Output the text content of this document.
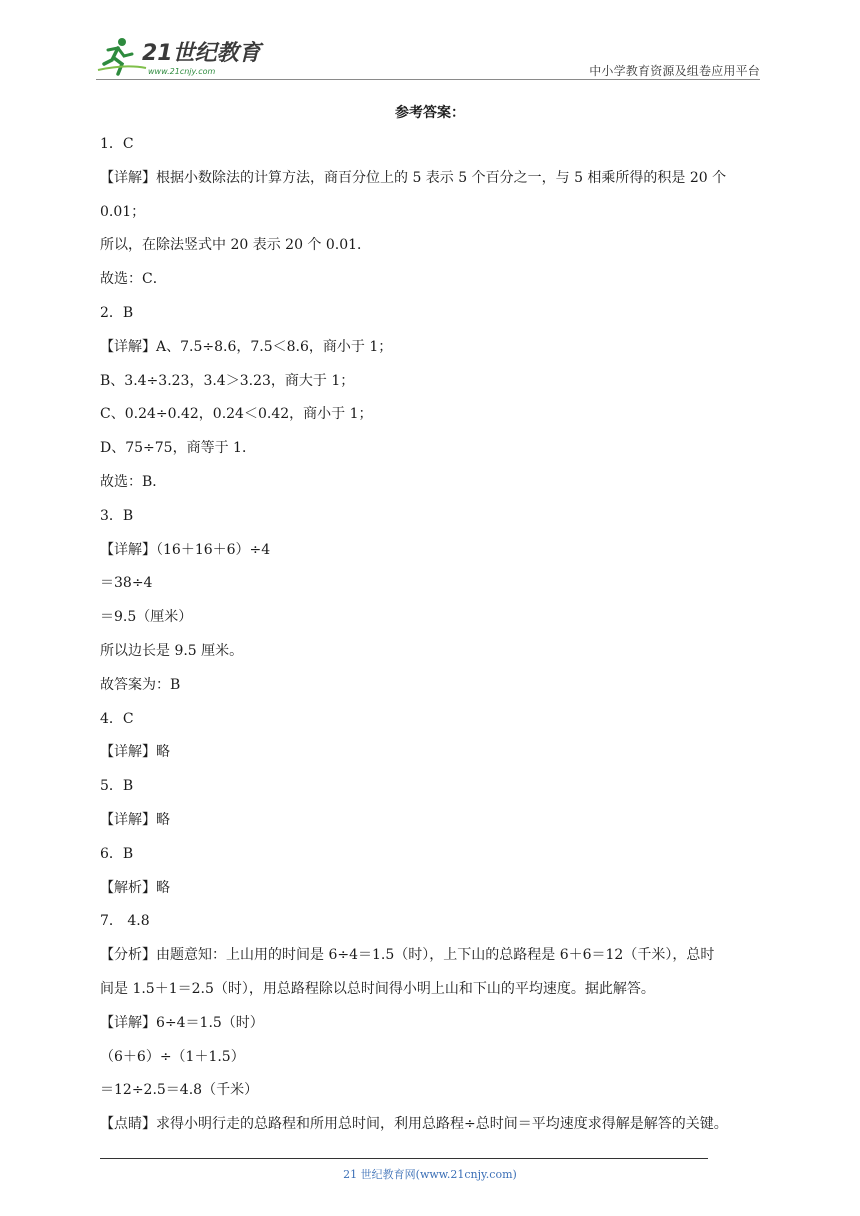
21世纪教育
www.21cnjy.com	中小学教育资源及组卷应用平台
参考答案：
1．C
【详解】根据小数除法的计算方法，商百分位上的 5 表示 5 个百分之一，与 5 相乘所得的积是 20 个
0.01；
所以，在除法竖式中 20 表示 20 个 0.01．
故选：C．
2．B
【详解】A、7.5÷8.6，7.5＜8.6，商小于 1；
B、3.4÷3.23，3.4＞3.23，商大于 1；
C、0.24÷0.42，0.24＜0.42，商小于 1；
D、75÷75，商等于 1．
故选：B．
3．B
【详解】（16＋16＋6）÷4
＝38÷4
＝9.5（厘米）
所以边长是 9.5 厘米。
故答案为：B
4．C
【详解】略
5．B
【详解】略
6．B
【解析】略
7． 4.8
【分析】由题意知：上山用的时间是 6÷4＝1.5（时），上下山的总路程是 6＋6＝12（千米），总时
间是 1.5＋1＝2.5（时），用总路程除以总时间得小明上山和下山的平均速度。据此解答。
【详解】6÷4＝1.5（时）
（6＋6）÷（1＋1.5）
＝12÷2.5＝4.8（千米）
【点睛】求得小明行走的总路程和所用总时间，利用总路程÷总时间＝平均速度求得解是解答的关键。
21 世纪教育网(www.21cnjy.com)
